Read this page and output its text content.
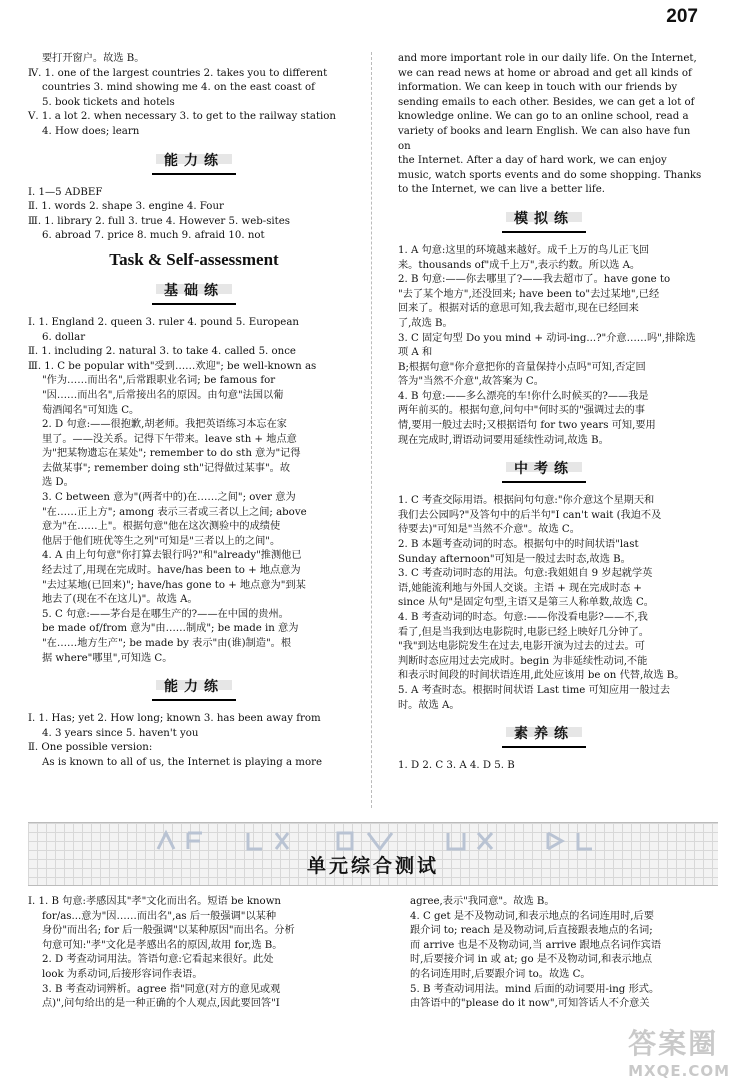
207
要打开窗户。故选 B。
Ⅳ. 1. one of the largest countries 2. takes you to different
countries 3. mind showing me 4. on the east coast of
5. book tickets and hotels
Ⅴ. 1. a lot 2. when necessary 3. to get to the railway station
4. How does; learn
能力练
Ⅰ. 1—5 ADBEF
Ⅱ. 1. words 2. shape 3. engine 4. Four
Ⅲ. 1. library 2. full 3. true 4. However 5. web-sites
6. abroad 7. price 8. much 9. afraid 10. not
Task & Self-assessment
基础练
Ⅰ. 1. England 2. queen 3. ruler 4. pound 5. European
6. dollar
Ⅱ. 1. including 2. natural 3. to take 4. called 5. once
Ⅲ. 1. C be popular with"受到……欢迎"; be well-known as
"作为……而出名",后常跟职业名词; be famous for
"因……而出名",后常接出名的原因。由句意"法国以葡
萄酒闻名"可知选 C。
2. D 句意:——很抱歉,胡老师。我把英语练习本忘在家
里了。——没关系。记得下午带来。leave sth + 地点意
为"把某物遗忘在某处"; remember to do sth 意为"记得
去做某事"; remember doing sth"记得做过某事"。故
选 D。
3. C between 意为"(两者中的)在……之间"; over 意为
"在……正上方"; among 表示三者或三者以上之间; above
意为"在……上"。根据句意"他在这次测验中的成绩使
他居于他们班优等生之列"可知是"三者以上的之间"。
4. A 由上句句意"你打算去银行吗?"和"already"推测他已
经去过了,用现在完成时。have/has been to + 地点意为
"去过某地(已回来)"; have/has gone to + 地点意为"到某
地去了(现在不在这儿)"。故选 A。
5. C 句意:——茅台是在哪生产的?——在中国的贵州。
be made of/from 意为"由……制成"; be made in 意为
"在……地方生产"; be made by 表示"由(谁)制造"。根
据 where"哪里",可知选 C。
能力练
Ⅰ. 1. Has; yet 2. How long; known 3. has been away from
4. 3 years since 5. haven't you
Ⅱ. One possible version:
As is known to all of us, the Internet is playing a more
and more important role in our daily life. On the Internet,
we can read news at home or abroad and get all kinds of
information. We can keep in touch with our friends by
sending emails to each other. Besides, we can get a lot of
knowledge online. We can go to an online school, read a
variety of books and learn English. We can also have fun on
the Internet. After a day of hard work, we can enjoy
music, watch sports events and do some shopping. Thanks
to the Internet, we can live a better life.
模拟练
1. A 句意:这里的环境越来越好。成千上万的鸟儿正飞回
来。thousands of"成千上万",表示约数。所以选 A。
2. B 句意:——你去哪里了?——我去超市了。have gone to
"去了某个地方",还没回来; have been to"去过某地",已经
回来了。根据对话的意思可知,我去超市,现在已经回来
了,故选 B。
3. C 固定句型 Do you mind + 动词-ing...?"介意……吗",排除选项 A 和
B;根据句意"你介意把你的音量保持小点吗"可知,否定回
答为"当然不介意",故答案为 C。
4. B 句意:——多么漂亮的车!你什么时候买的?——我是
两年前买的。根据句意,问句中"何时买的"强调过去的事
情,要用一般过去时;又根据语句 for two years 可知,要用
现在完成时,谓语动词要用延续性动词,故选 B。
中考练
1. C 考查交际用语。根据问句句意:"你介意这个星期天和
我们去公园吗?"及答句中的后半句"I can't wait (我迫不及
待要去)"可知是"当然不介意"。故选 C。
2. B 本题考查动词的时态。根据句中的时间状语"last
Sunday afternoon"可知是一般过去时态,故选 B。
3. C 考查动词时态的用法。句意:我姐姐自 9 岁起就学英
语,她能流利地与外国人交谈。主语 + 现在完成时态 +
since 从句"是固定句型,主语又是第三人称单数,故选 C。
4. B 考查动词的时态。句意:——你没看电影?——不,我
看了,但是当我到达电影院时,电影已经上映好几分钟了。
"我"到达电影院发生在过去,电影开演为过去的过去。可
判断时态应用过去完成时。begin 为非延续性动词,不能
和表示时间段的时间状语连用,此处应该用 be on 代替,故选 B。
5. A 考查时态。根据时间状语 Last time 可知应用一般过去
时。故选 A。
素养练
1. D 2. C 3. A 4. D 5. B
单元综合测试
Ⅰ. 1. B 句意:孝感因其"孝"文化而出名。短语 be known
for/as...意为"因……而出名",as 后一般强调"以某种
身份"而出名; for 后一般强调"以某种原因"而出名。分析
句意可知:"孝"文化是孝感出名的原因,故用 for,选 B。
2. D 考查动词用法。答语句意:它看起来很好。此处
look 为系动词,后接形容词作表语。
3. B 考查动词辨析。agree 指"同意(对方的意见或观
点)",问句给出的是一种正确的个人观点,因此要回答"I
agree,表示"我同意"。故选 B。
4. C get 是不及物动词,和表示地点的名词连用时,后要
跟介词 to; reach 是及物动词,后直接跟表地点的名词;
而 arrive 也是不及物动词,当 arrive 跟地点名词作宾语
时,后要接介词 in 或 at; go 是不及物动词,和表示地点
的名词连用时,后要跟介词 to。故选 C。
5. B 考查动词用法。mind 后面的动词要用-ing 形式。
由答语中的"please do it now",可知答话人不介意关
答案圈
MXQE.COM
